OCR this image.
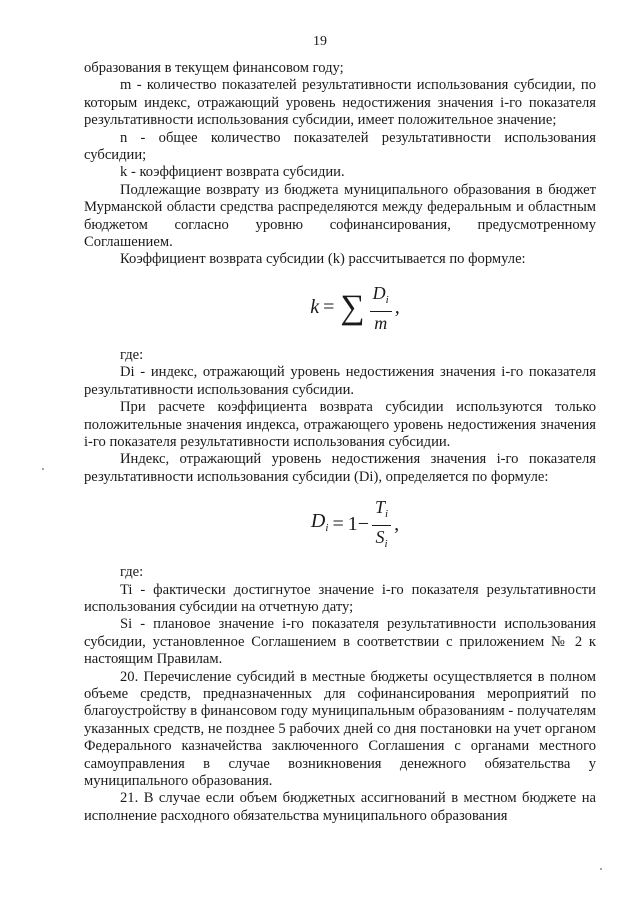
19

образования в текущем финансовом году;

m - количество показателей результативности использования субсидии, по которым индекс, отражающий уровень недостижения значения i-го показателя результативности использования субсидии, имеет положительное значение;

n - общее количество показателей результативности использования субсидии;

k - коэффициент возврата субсидии.

Подлежащие возврату из бюджета муниципального образования в бюджет Мурманской области средства распределяются между федеральным и областным бюджетом согласно уровню софинансирования, предусмотренному Соглашением.

Коэффициент возврата субсидии (k) рассчитывается по формуле:

k = ∑ $\frac{D_i}{m}$ ,

где:

Di - индекс, отражающий уровень недостижения значения i-го показателя результативности использования субсидии.

При расчете коэффициента возврата субсидии используются только положительные значения индекса, отражающего уровень недостижения значения i-го показателя результативности использования субсидии.

Индекс, отражающий уровень недостижения значения i-го показателя результативности использования субсидии (Di), определяется по формуле:

$D_i = 1- \frac{T_i}{S_i}$ ,

где:

Ti - фактически достигнутое значение i-го показателя результативности использования субсидии на отчетную дату;

Si - плановое значение i-го показателя результативности использования субсидии, установленное Соглашением в соответствии с приложением № 2 к настоящим Правилам.

20. Перечисление субсидий в местные бюджеты осуществляется в полном объеме средств, предназначенных для софинансирования мероприятий по благоустройству в финансовом году муниципальным образованиям - получателям указанных средств, не позднее 5 рабочих дней со дня постановки на учет органом Федерального казначейства заключенного Соглашения с органами местного самоуправления в случае возникновения денежного обязательства у муниципального образования.

21. В случае если объем бюджетных ассигнований в местном бюджете на исполнение расходного обязательства муниципального образования
